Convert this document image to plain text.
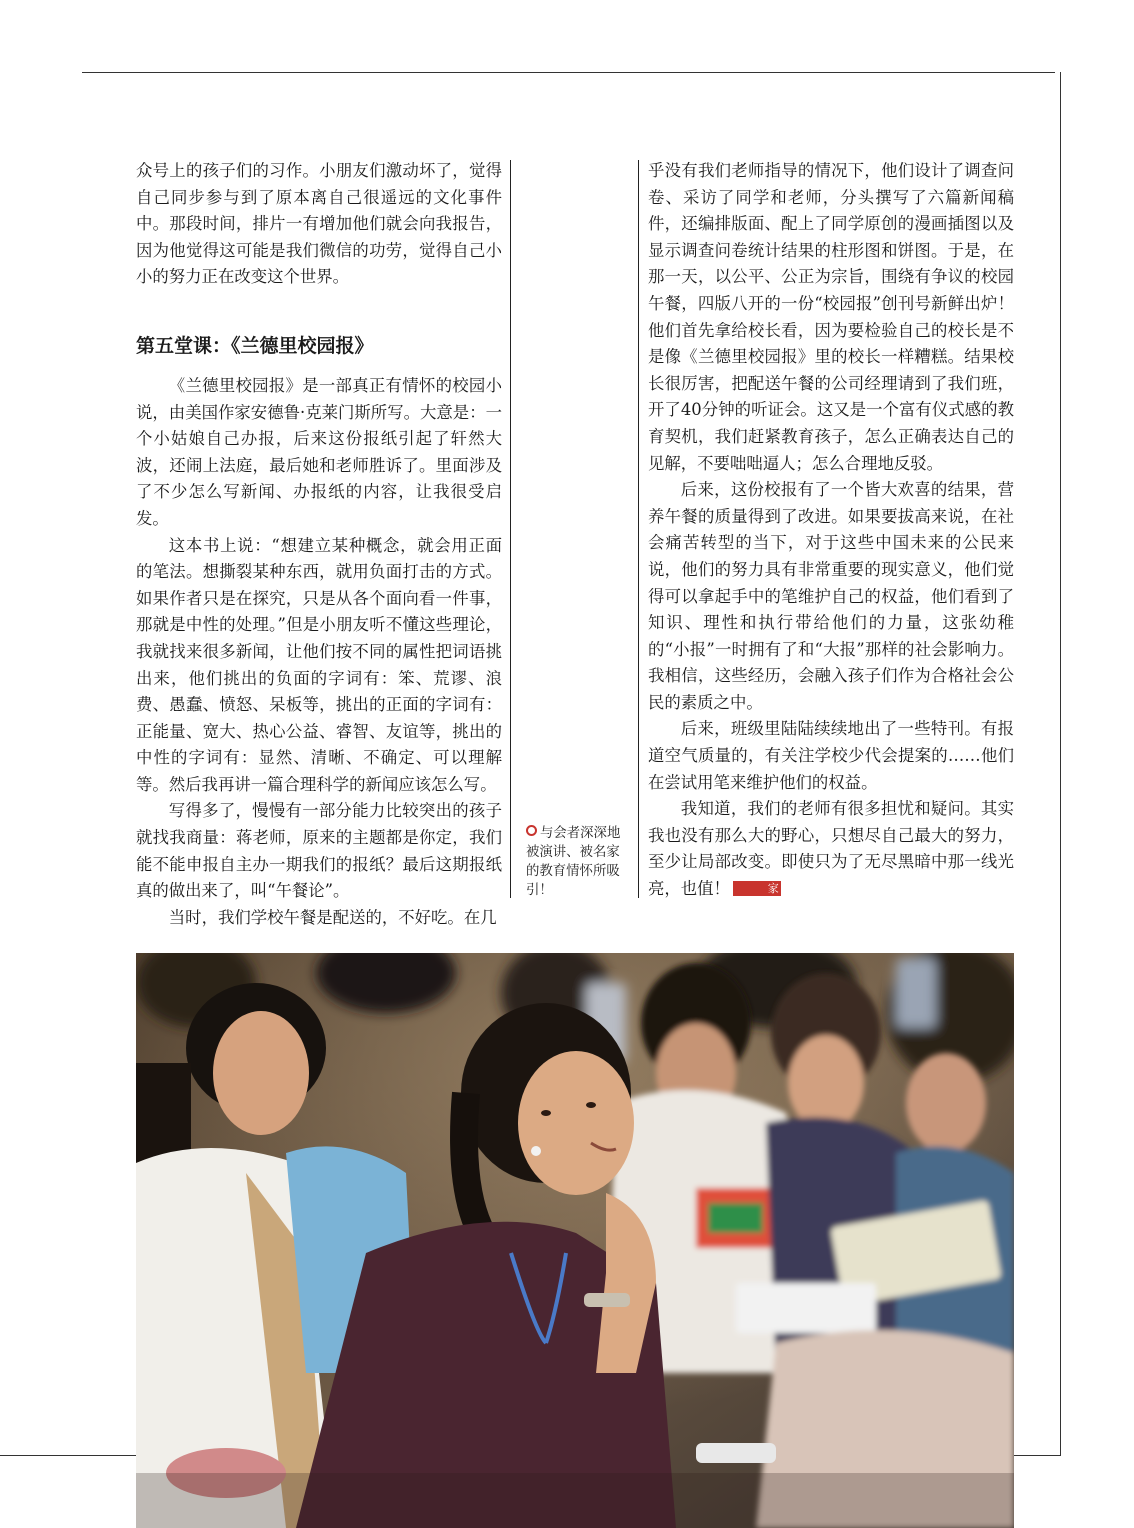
众号上的孩子们的习作。小朋友们激动坏了，觉得自己同步参与到了原本离自己很遥远的文化事件中。那段时间，排片一有增加他们就会向我报告，因为他觉得这可能是我们微信的功劳，觉得自己小小的努力正在改变这个世界。

第五堂课：《兰德里校园报》

《兰德里校园报》是一部真正有情怀的校园小说，由美国作家安德鲁·克莱门斯所写。大意是：一个小姑娘自己办报，后来这份报纸引起了轩然大波，还闹上法庭，最后她和老师胜诉了。里面涉及了不少怎么写新闻、办报纸的内容，让我很受启发。

这本书上说：“想建立某种概念，就会用正面的笔法。想撕裂某种东西，就用负面打击的方式。如果作者只是在探究，只是从各个面向看一件事，那就是中性的处理。”但是小朋友听不懂这些理论，我就找来很多新闻，让他们按不同的属性把词语挑出来，他们挑出的负面的字词有：笨、荒谬、浪费、愚蠢、愤怒、呆板等，挑出的正面的字词有：正能量、宽大、热心公益、睿智、友谊等，挑出的中性的字词有：显然、清晰、不确定、可以理解等。然后我再讲一篇合理科学的新闻应该怎么写。

写得多了，慢慢有一部分能力比较突出的孩子就找我商量：蒋老师，原来的主题都是你定，我们能不能申报自主办一期我们的报纸？最后这期报纸真的做出来了，叫“午餐论”。

当时，我们学校午餐是配送的，不好吃。在几

与会者深深地被演讲、被名家的教育情怀所吸引！

乎没有我们老师指导的情况下，他们设计了调查问卷、采访了同学和老师，分头撰写了六篇新闻稿件，还编排版面、配上了同学原创的漫画插图以及显示调查问卷统计结果的柱形图和饼图。于是，在那一天，以公平、公正为宗旨，围绕有争议的校园午餐，四版八开的一份“校园报”创刊号新鲜出炉！他们首先拿给校长看，因为要检验自己的校长是不是像《兰德里校园报》里的校长一样糟糕。结果校长很厉害，把配送午餐的公司经理请到了我们班，开了40分钟的听证会。这又是一个富有仪式感的教育契机，我们赶紧教育孩子，怎么正确表达自己的见解，不要咄咄逼人；怎么合理地反驳。

后来，这份校报有了一个皆大欢喜的结果，营养午餐的质量得到了改进。如果要拔高来说，在社会痛苦转型的当下，对于这些中国未来的公民来说，他们的努力具有非常重要的现实意义，他们觉得可以拿起手中的笔维护自己的权益，他们看到了知识、理性和执行带给他们的力量，这张幼稚的“小报”一时拥有了和“大报”那样的社会影响力。我相信，这些经历，会融入孩子们作为合格社会公民的素质之中。

后来，班级里陆陆续续地出了一些特刊。有报道空气质量的，有关注学校少代会提案的……他们在尝试用笔来维护他们的权益。

我知道，我们的老师有很多担忧和疑问。其实我也没有那么大的野心，只想尽自己最大的努力，至少让局部改变。即使只为了无尽黑暗中那一线光亮，也值！	家
